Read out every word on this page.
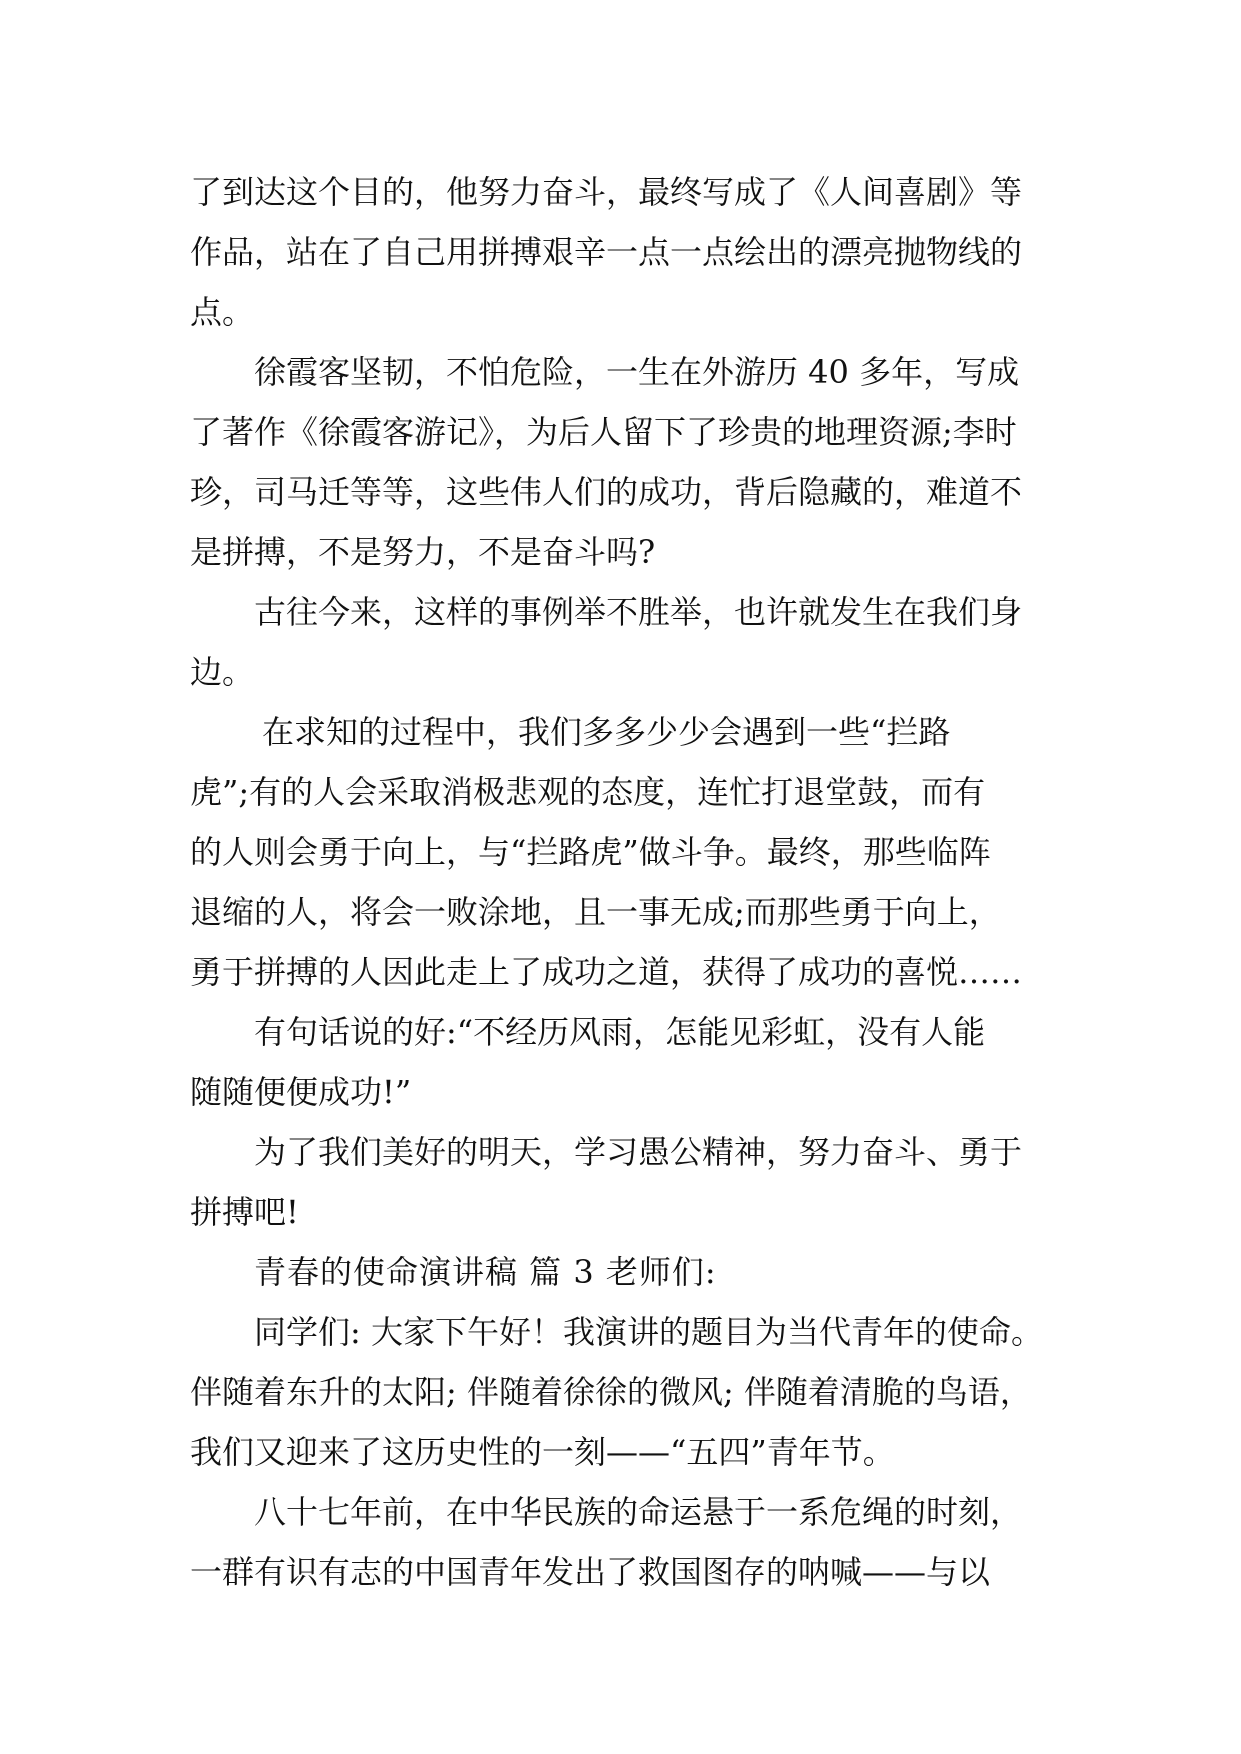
了到达这个目的，他努力奋斗，最终写成了《人间喜剧》等
作品，站在了自己用拼搏艰辛一点一点绘出的漂亮抛物线的
点。
徐霞客坚韧，不怕危险，一生在外游历 40 多年，写成
了著作《徐霞客游记》，为后人留下了珍贵的地理资源;李时
珍，司马迁等等，这些伟人们的成功，背后隐藏的，难道不
是拼搏，不是努力，不是奋斗吗?
古往今来，这样的事例举不胜举，也许就发生在我们身
边。
在求知的过程中，我们多多少少会遇到一些“拦路
虎”;有的人会采取消极悲观的态度，连忙打退堂鼓，而有
的人则会勇于向上，与“拦路虎”做斗争。最终，那些临阵
退缩的人，将会一败涂地，且一事无成;而那些勇于向上，
勇于拼搏的人因此走上了成功之道，获得了成功的喜悦……
有句话说的好:“不经历风雨，怎能见彩虹，没有人能
随随便便成功!”
为了我们美好的明天，学习愚公精神，努力奋斗、勇于
拼搏吧!
青春的使命演讲稿 篇 3 老师们:
同学们: 大家下午好！我演讲的题目为当代青年的使命。
伴随着东升的太阳; 伴随着徐徐的微风; 伴随着清脆的鸟语，
我们又迎来了这历史性的一刻——“五四”青年节。
八十七年前，在中华民族的命运悬于一系危绳的时刻，
一群有识有志的中国青年发出了救国图存的呐喊——与以
